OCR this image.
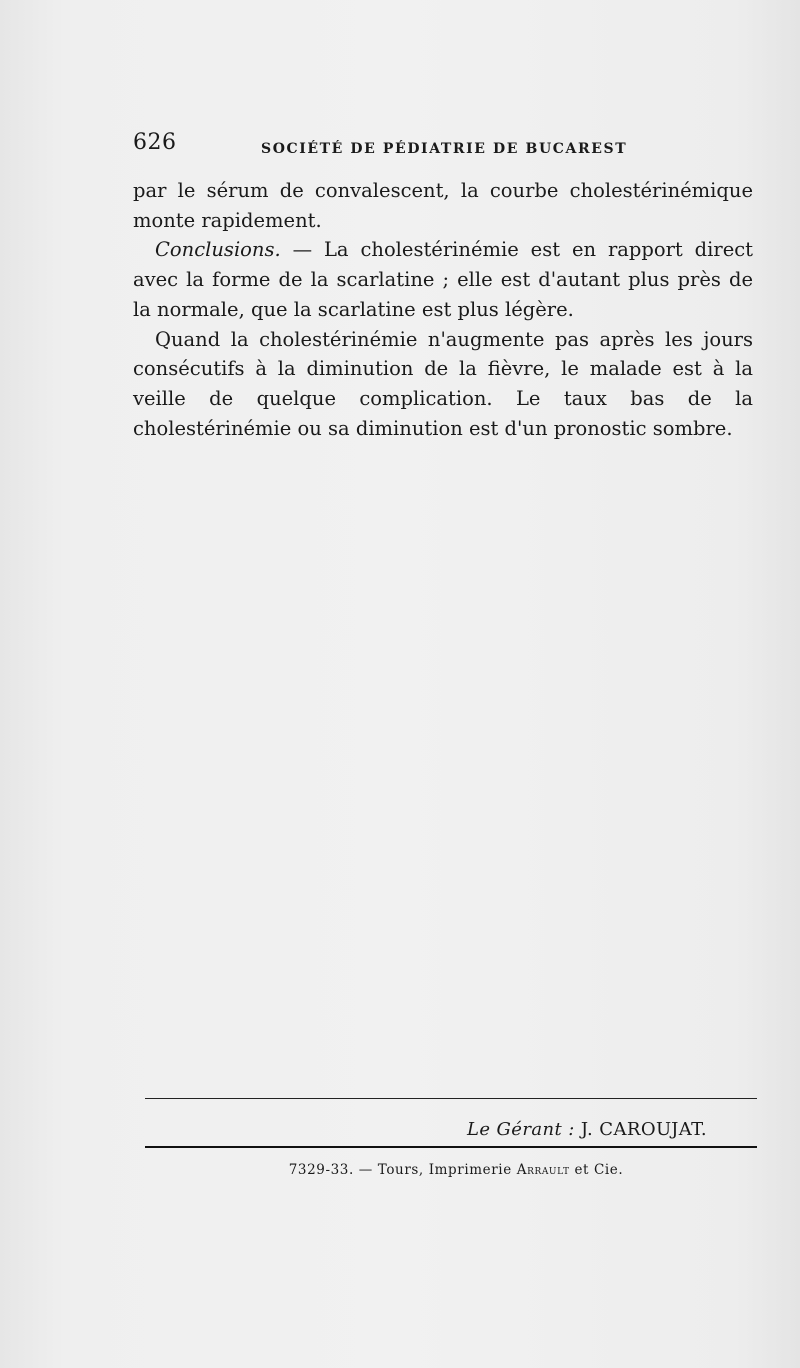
626	SOCIÉTÉ DE PÉDIATRIE DE BUCAREST

par le sérum de convalescent, la courbe cholestérinémique monte rapidement.

Conclusions. — La cholestérinémie est en rapport direct avec la forme de la scarlatine ; elle est d'autant plus près de la normale, que la scarlatine est plus légère.

Quand la cholestérinémie n'augmente pas après les jours consécutifs à la diminution de la fièvre, le malade est à la veille de quelque complication. Le taux bas de la cholestérinémie ou sa diminution est d'un pronostic sombre.

Le Gérant : J. CAROUJAT.
7329-33. — Tours, Imprimerie Arrault et Cie.
